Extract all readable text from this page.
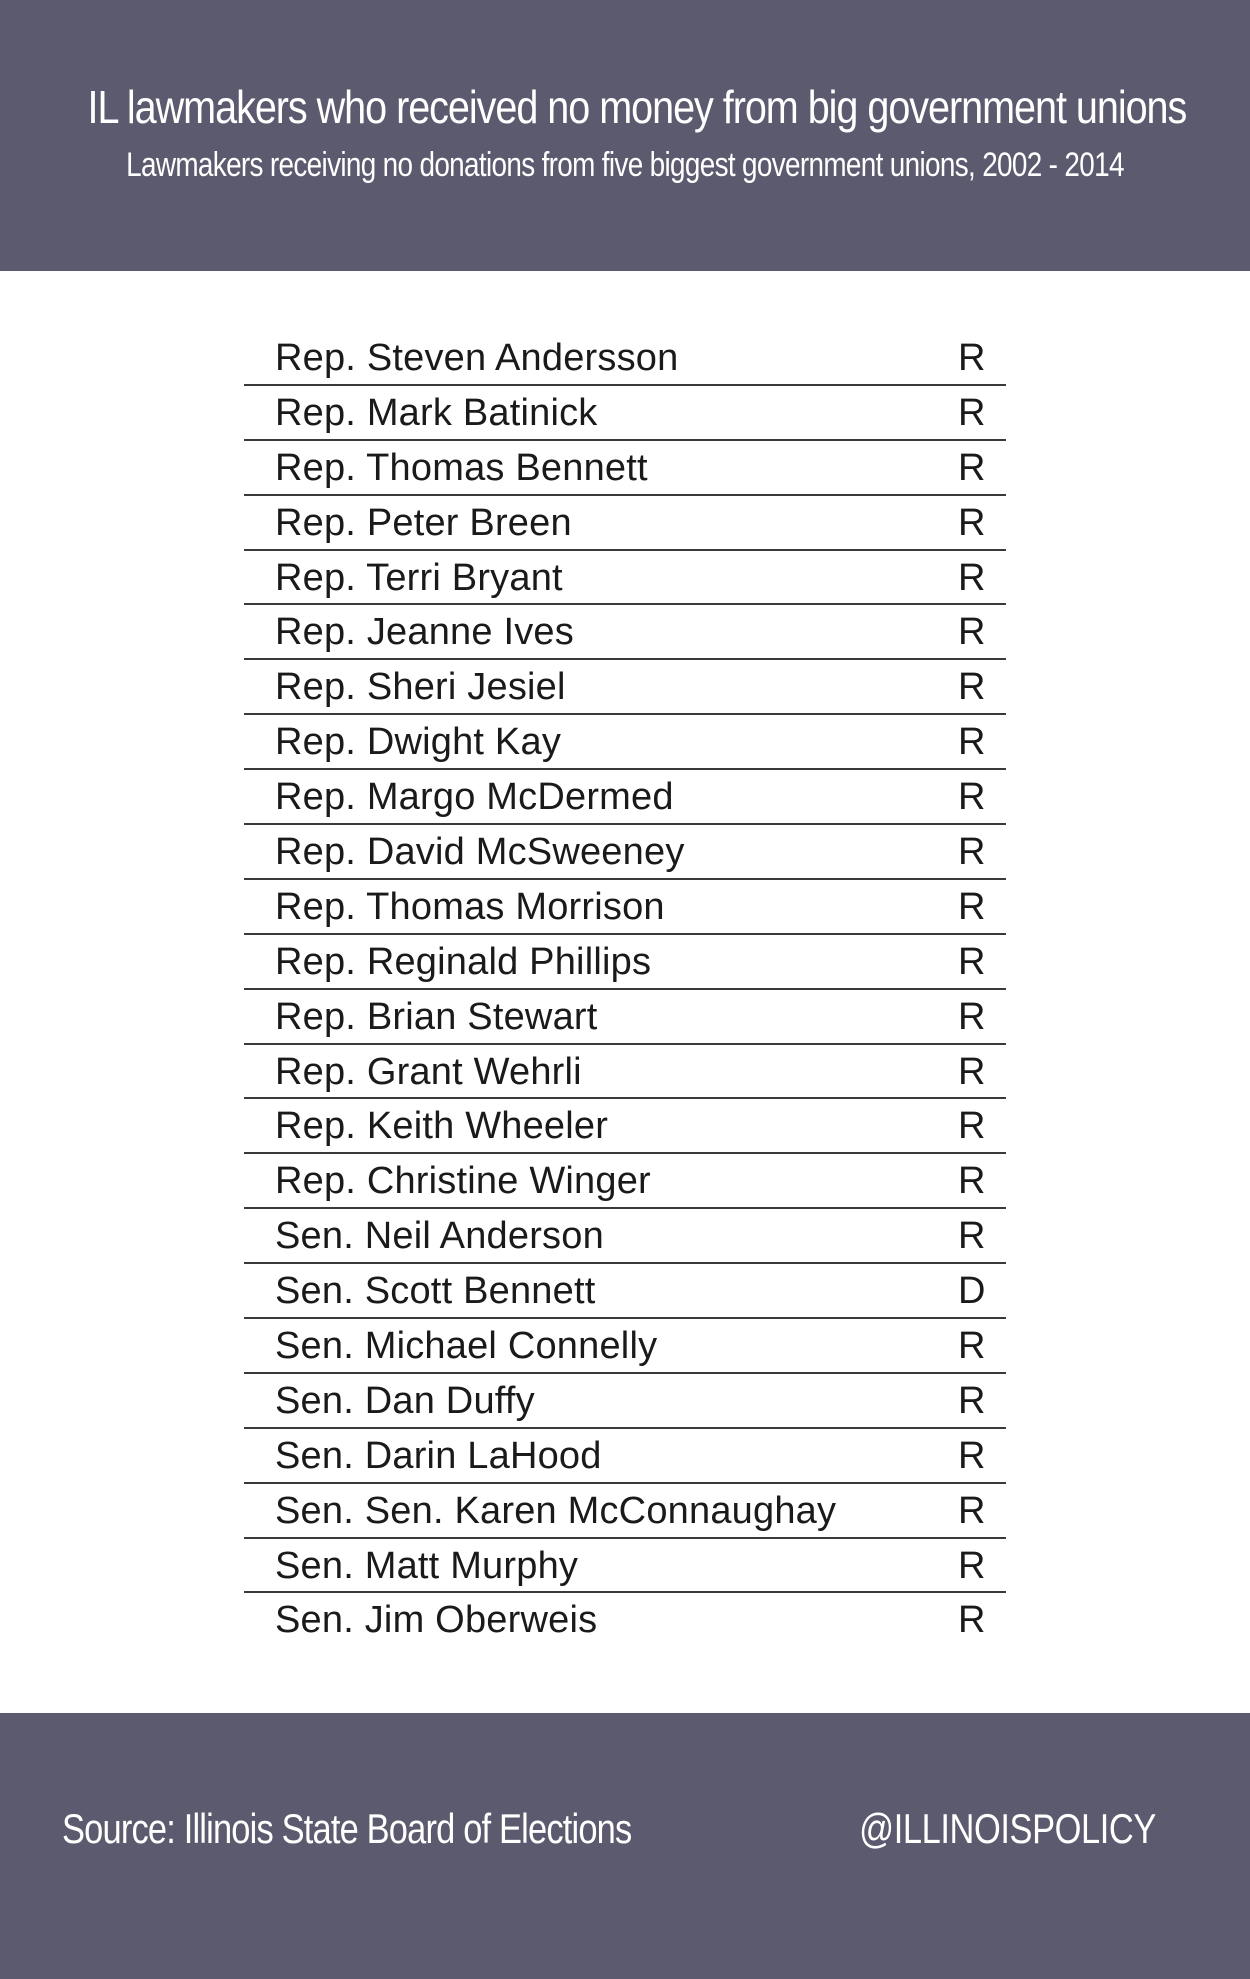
IL lawmakers who received no money from big government unions
Lawmakers receiving no donations from five biggest government unions, 2002 - 2014
Rep. Steven Andersson	R
Rep. Mark Batinick	R
Rep. Thomas Bennett	R
Rep. Peter Breen	R
Rep. Terri Bryant	R
Rep. Jeanne Ives	R
Rep. Sheri Jesiel	R
Rep. Dwight Kay	R
Rep. Margo McDermed	R
Rep. David McSweeney	R
Rep. Thomas Morrison	R
Rep. Reginald Phillips	R
Rep. Brian Stewart	R
Rep. Grant Wehrli	R
Rep. Keith Wheeler	R
Rep. Christine Winger	R
Sen. Neil Anderson	R
Sen. Scott Bennett	D
Sen. Michael Connelly	R
Sen. Dan Duffy	R
Sen. Darin LaHood	R
Sen. Sen. Karen McConnaughay	R
Sen. Matt Murphy	R
Sen. Jim Oberweis	R
Source: Illinois State Board of Elections	@ILLINOISPOLICY
